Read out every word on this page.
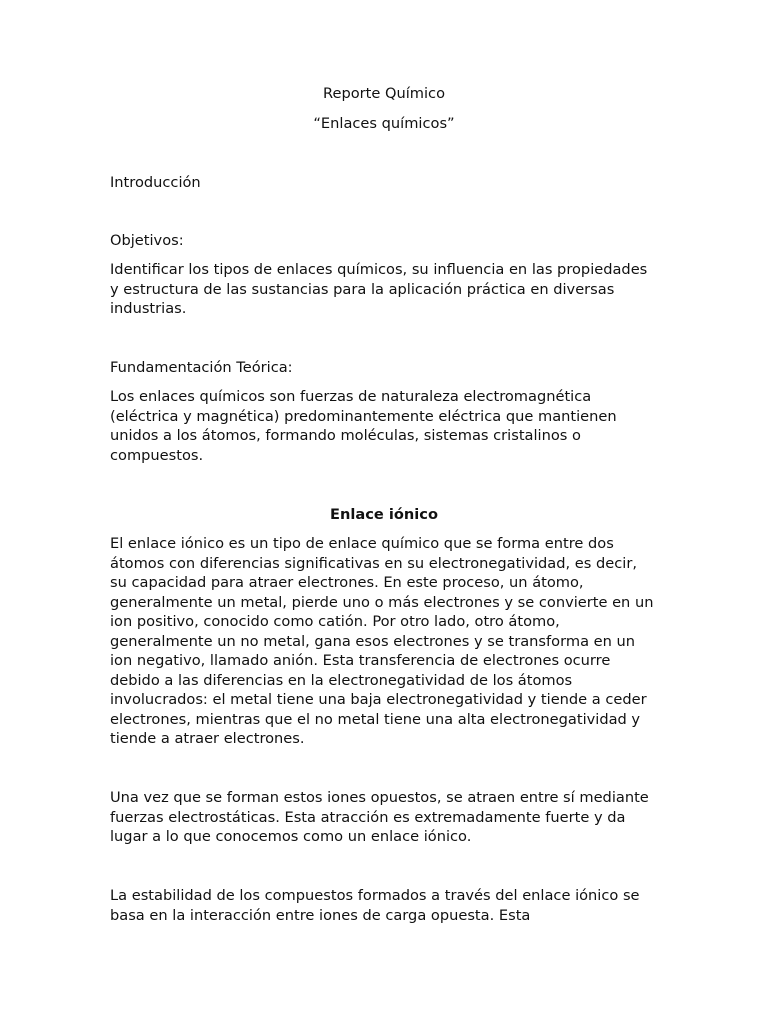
Reporte Químico

“Enlaces químicos”

Introducción

Objetivos:

Identificar los tipos de enlaces químicos, su influencia en las propiedades y estructura de las sustancias para la aplicación práctica en diversas industrias.

Fundamentación Teórica:

Los enlaces químicos son fuerzas de naturaleza electromagnética (eléctrica y magnética) predominantemente eléctrica que mantienen unidos a los átomos, formando moléculas, sistemas cristalinos o compuestos.

Enlace iónico

El enlace iónico es un tipo de enlace químico que se forma entre dos átomos con diferencias significativas en su electronegatividad, es decir, su capacidad para atraer electrones. En este proceso, un átomo, generalmente un metal, pierde uno o más electrones y se convierte en un ion positivo, conocido como catión. Por otro lado, otro átomo, generalmente un no metal, gana esos electrones y se transforma en un ion negativo, llamado anión. Esta transferencia de electrones ocurre debido a las diferencias en la electronegatividad de los átomos involucrados: el metal tiene una baja electronegatividad y tiende a ceder electrones, mientras que el no metal tiene una alta electronegatividad y tiende a atraer electrones.

Una vez que se forman estos iones opuestos, se atraen entre sí mediante fuerzas electrostáticas. Esta atracción es extremadamente fuerte y da lugar a lo que conocemos como un enlace iónico.

La estabilidad de los compuestos formados a través del enlace iónico se basa en la interacción entre iones de carga opuesta. Esta
